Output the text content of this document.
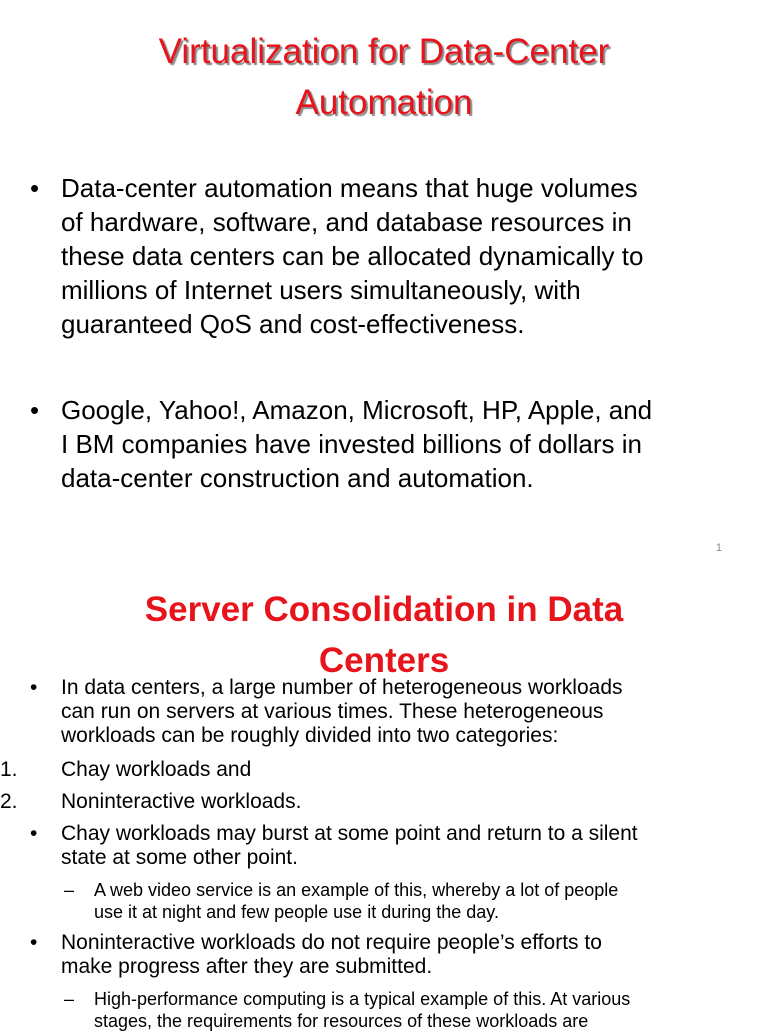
Virtualization for Data-Center
Automation
• Data-center automation means that huge volumes
of hardware, software, and database resources in
these data centers can be allocated dynamically to
millions of Internet users simultaneously, with
guaranteed QoS and cost-effectiveness.
• Google, Yahoo!, Amazon, Microsoft, HP, Apple, and
I BM companies have invested billions of dollars in
data-center construction and automation.
1
Server Consolidation in Data
Centers
• In data centers, a large number of heterogeneous workloads
can run on servers at various times. These heterogeneous
workloads can be roughly divided into two categories:
1. Chay workloads and
2. Noninteractive workloads.
• Chay workloads may burst at some point and return to a silent
state at some other point.
– A web video service is an example of this, whereby a lot of people
use it at night and few people use it during the day.
• Noninteractive workloads do not require people’s efforts to
make progress after they are submitted.
– High-performance computing is a typical example of this. At various
stages, the requirements for resources of these workloads are
